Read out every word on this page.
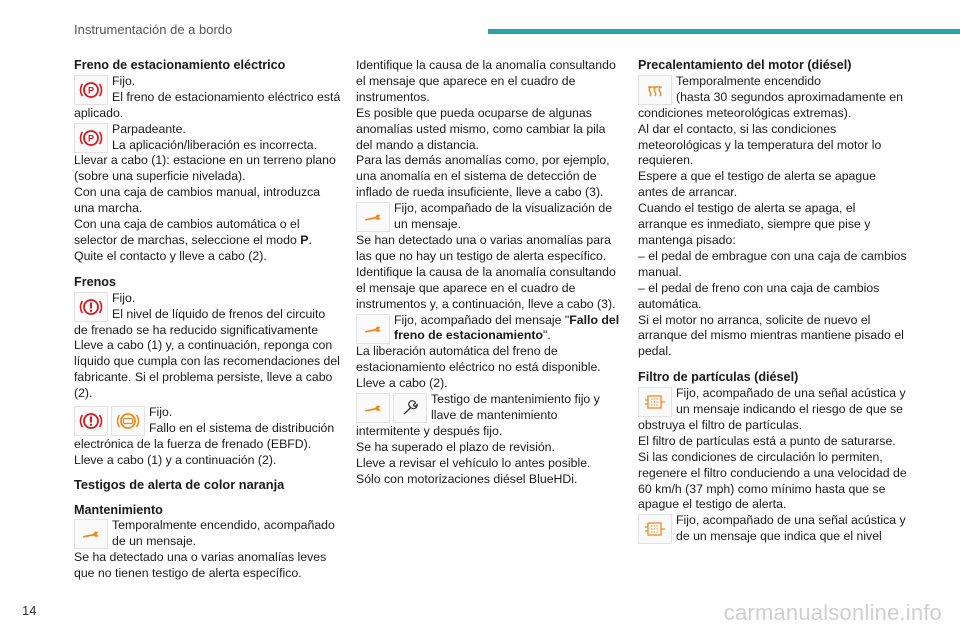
Instrumentación de a bordo
Freno de estacionamiento eléctrico
P
Fijo.
El freno de estacionamiento eléctrico está aplicado.
P
Parpadeante.
La aplicación/liberación es incorrecta.

Llevar a cabo (1): estacione en un terreno plano (sobre una superficie nivelada).

Con una caja de cambios manual, introduzca una marcha.

Con una caja de cambios automática o el selector de marchas, seleccione el modo P.

Quite el contacto y lleve a cabo (2).

Frenos
Fijo.
El nivel de líquido de frenos del circuito de frenado se ha reducido significativamente

Lleve a cabo (1) y, a continuación, reponga con líquido que cumpla con las recomendaciones del fabricante. Si el problema persiste, lleve a cabo (2).

Fijo.
Fallo en el sistema de distribución electrónica de la fuerza de frenado (EBFD).

Lleve a cabo (1) y a continuación (2).

Testigos de alerta de color naranja
Mantenimiento
Temporalmente encendido, acompañado de un mensaje.

Se ha detectado una o varias anomalías leves que no tienen testigo de alerta específico.

Identifique la causa de la anomalía consultando el mensaje que aparece en el cuadro de instrumentos.

Es posible que pueda ocuparse de algunas anomalías usted mismo, como cambiar la pila del mando a distancia.

Para las demás anomalías como, por ejemplo, una anomalía en el sistema de detección de inflado de rueda insuficiente, lleve a cabo (3).

Fijo, acompañado de la visualización de un mensaje.

Se han detectado una o varias anomalías para las que no hay un testigo de alerta específico.

Identifique la causa de la anomalía consultando el mensaje que aparece en el cuadro de instrumentos y, a continuación, lleve a cabo (3).

Fijo, acompañado del mensaje "Fallo del freno de estacionamiento".

La liberación automática del freno de estacionamiento eléctrico no está disponible.

Lleve a cabo (2).

Testigo de mantenimiento fijo y llave de mantenimiento intermitente y después fijo.

Se ha superado el plazo de revisión.

Lleve a revisar el vehículo lo antes posible.

Sólo con motorizaciones diésel BlueHDi.

Precalentamiento del motor (diésel)
Temporalmente encendido
(hasta 30 segundos aproximadamente en condiciones meteorológicas extremas).

Al dar el contacto, si las condiciones meteorológicas y la temperatura del motor lo requieren.

Espere a que el testigo de alerta se apague antes de arrancar.

Cuando el testigo de alerta se apaga, el arranque es inmediato, siempre que pise y mantenga pisado:

– el pedal de embrague con una caja de cambios manual.

– el pedal de freno con una caja de cambios automática.

Si el motor no arranca, solicite de nuevo el arranque del mismo mientras mantiene pisado el pedal.

Filtro de partículas (diésel)
Fijo, acompañado de una señal acústica y un mensaje indicando el riesgo de que se obstruya el filtro de partículas.

El filtro de partículas está a punto de saturarse.

Si las condiciones de circulación lo permiten, regenere el filtro conduciendo a una velocidad de 60 km/h (37 mph) como mínimo hasta que se apague el testigo de alerta.

Fijo, acompañado de una señal acústica y de un mensaje que indica que el nivel
14	carmanualsonline.info
